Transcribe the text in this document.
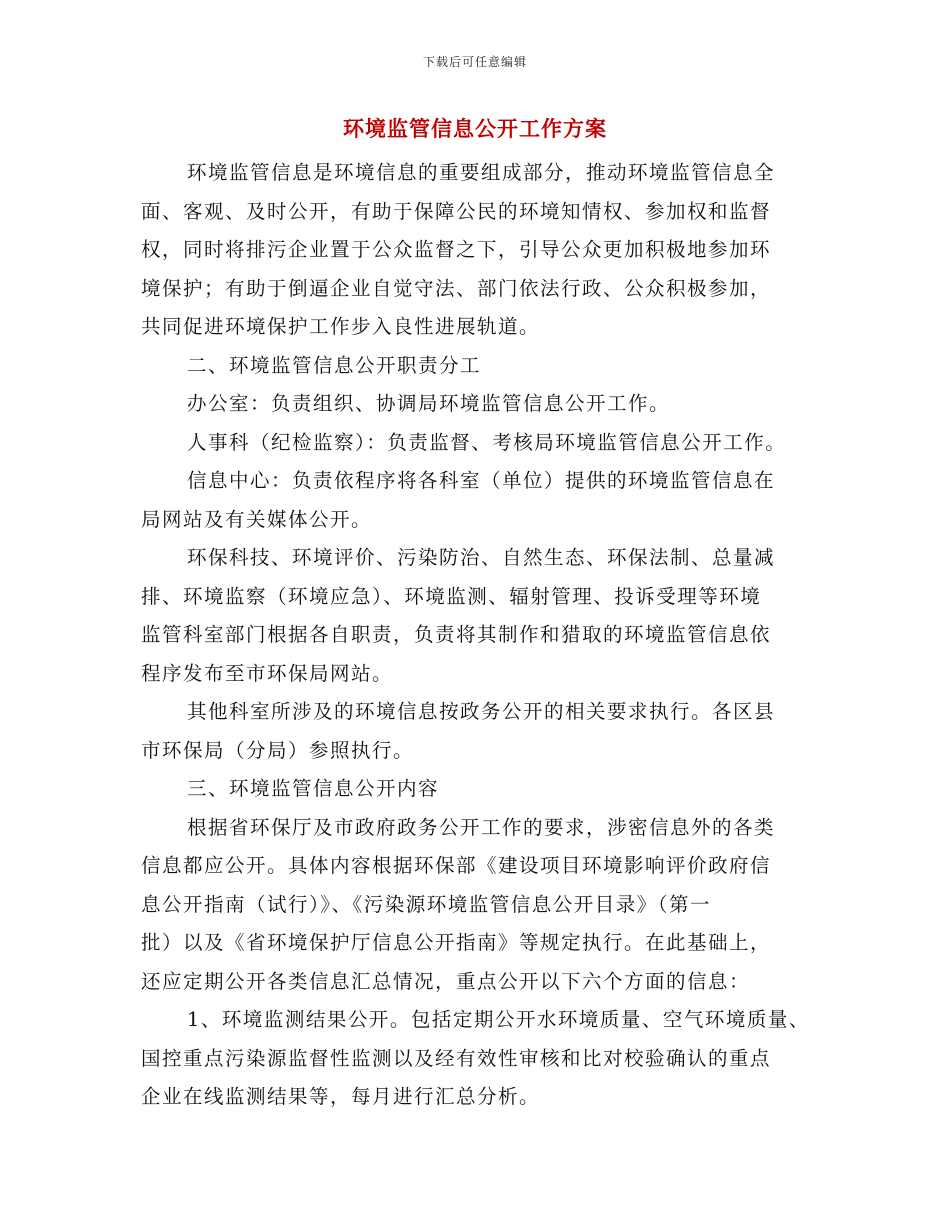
下载后可任意编辑
环境监管信息公开工作方案
环境监管信息是环境信息的重要组成部分，推动环境监管信息全
面、客观、及时公开，有助于保障公民的环境知情权、参加权和监督
权，同时将排污企业置于公众监督之下，引导公众更加积极地参加环
境保护；有助于倒逼企业自觉守法、部门依法行政、公众积极参加，
共同促进环境保护工作步入良性进展轨道。
二、环境监管信息公开职责分工
办公室：负责组织、协调局环境监管信息公开工作。
人事科（纪检监察）：负责监督、考核局环境监管信息公开工作。
信息中心：负责依程序将各科室（单位）提供的环境监管信息在
局网站及有关媒体公开。
环保科技、环境评价、污染防治、自然生态、环保法制、总量减
排、环境监察（环境应急）、环境监测、辐射管理、投诉受理等环境
监管科室部门根据各自职责，负责将其制作和猎取的环境监管信息依
程序发布至市环保局网站。
其他科室所涉及的环境信息按政务公开的相关要求执行。各区县
市环保局（分局）参照执行。
三、环境监管信息公开内容
根据省环保厅及市政府政务公开工作的要求，涉密信息外的各类
信息都应公开。具体内容根据环保部《建设项目环境影响评价政府信
息公开指南（试行）》、《污染源环境监管信息公开目录》（第一
批）以及《省环境保护厅信息公开指南》等规定执行。在此基础上，
还应定期公开各类信息汇总情况，重点公开以下六个方面的信息：
1、环境监测结果公开。包括定期公开水环境质量、空气环境质量、
国控重点污染源监督性监测以及经有效性审核和比对校验确认的重点
企业在线监测结果等，每月进行汇总分析。
